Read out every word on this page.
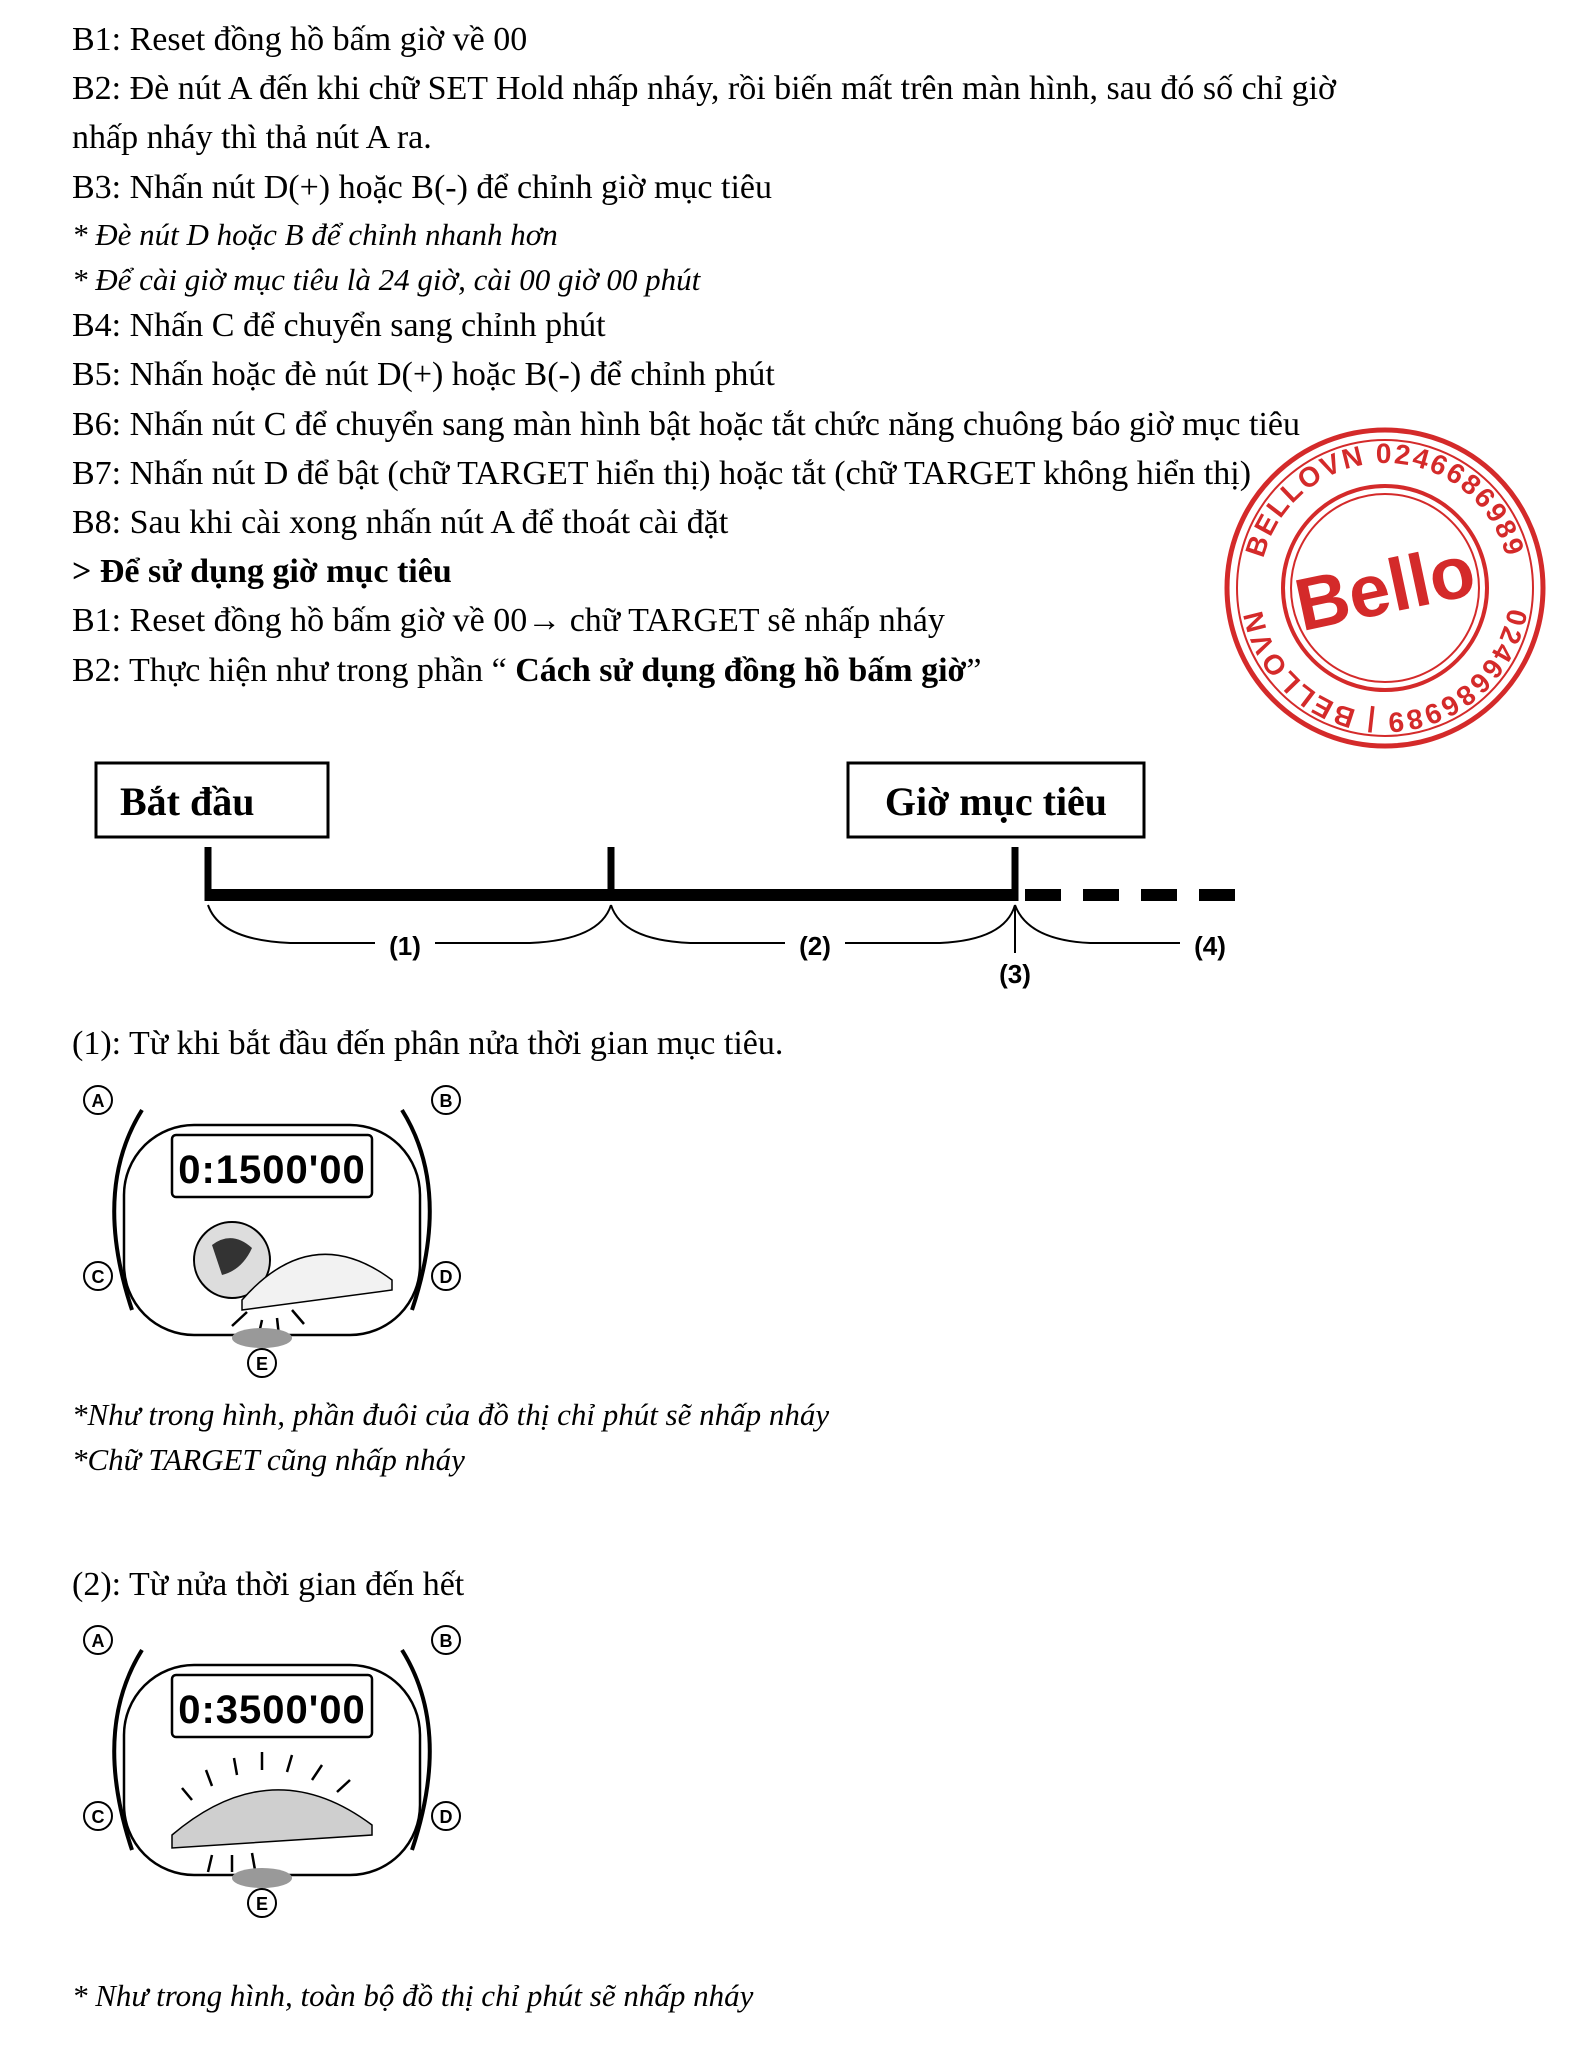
B1: Reset đồng hồ bấm giờ về 00
B2: Đè nút A đến khi chữ SET Hold nhấp nháy, rồi biến mất trên màn hình, sau đó số chỉ giờ
nhấp nháy thì thả nút A ra.
B3: Nhấn nút D(+) hoặc B(-) để chỉnh giờ mục tiêu
* Đè nút D hoặc B để chỉnh nhanh hơn
* Để cài giờ mục tiêu là 24 giờ, cài 00 giờ 00 phút
B4: Nhấn C để chuyển sang chỉnh phút
B5: Nhấn hoặc đè nút D(+) hoặc B(-) để chỉnh phút
B6: Nhấn nút C để chuyển sang màn hình bật hoặc tắt chức năng chuông báo giờ mục tiêu
B7: Nhấn nút D để bật (chữ TARGET hiển thị) hoặc tắt (chữ TARGET không hiển thị)
B8: Sau khi cài xong nhấn nút A để thoát cài đặt
> Để sử dụng giờ mục tiêu
B1: Reset đồng hồ bấm giờ về 00→ chữ TARGET sẽ nhấp nháy
B2: Thực hiện như trong phần “ Cách sử dụng đồng hồ bấm giờ”
BELLOVN 0246686989
0246686989 | BELLOVN Bello
Bắt đầu	Giờ mục tiêu
(1)	(2)
(3)
(4)
(1): Từ khi bắt đầu đến phân nửa thời gian mục tiêu.
0:1500'00
A	B
C	D
E
*Như trong hình, phần đuôi của đồ thị chỉ phút sẽ nhấp nháy
*Chữ TARGET cũng nhấp nháy
(2): Từ nửa thời gian đến hết
0:3500'00
A	B
C	D
E
* Như trong hình, toàn bộ đồ thị chỉ phút sẽ nhấp nháy
